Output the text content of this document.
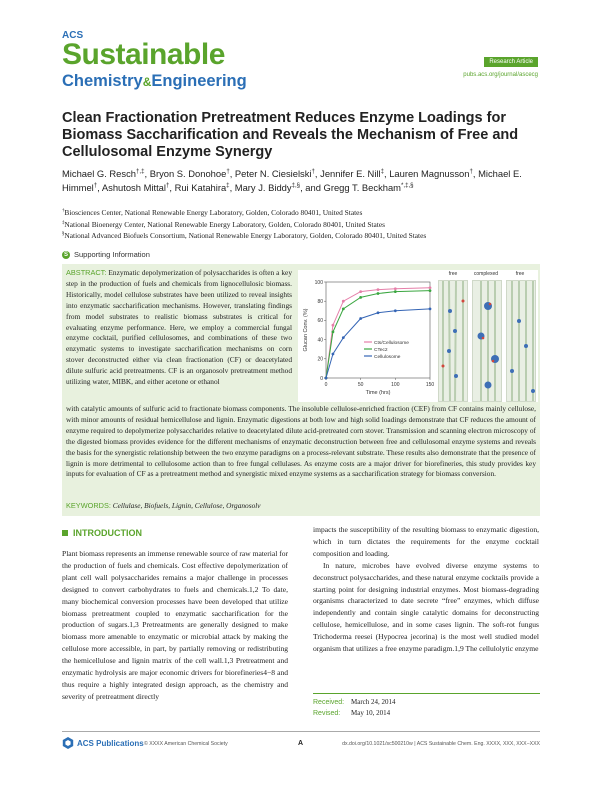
ACS
Sustainable
Chemistry&Engineering
Research Article
pubs.acs.org/journal/ascecg
Clean Fractionation Pretreatment Reduces Enzyme Loadings for Biomass Saccharification and Reveals the Mechanism of Free and Cellulosomal Enzyme Synergy
Michael G. Resch†,‡, Bryon S. Donohoe†, Peter N. Ciesielski†, Jennifer E. Nill‡, Lauren Magnusson†, Michael E. Himmel†, Ashutosh Mittal†, Rui Katahira‡, Mary J. Biddy‡,§, and Gregg T. Beckham*,‡,§
†Biosciences Center, National Renewable Energy Laboratory, Golden, Colorado 80401, United States
‡National Bioenergy Center, National Renewable Energy Laboratory, Golden, Colorado 80401, United States
§National Advanced Biofuels Consortium, National Renewable Energy Laboratory, Golden, Colorado 80401, United States
S Supporting Information
ABSTRACT: Enzymatic depolymerization of polysaccharides is often a key step in the production of fuels and chemicals from lignocellulosic biomass. Historically, model cellulose substrates have been utilized to reveal insights into enzymatic saccharification mechanisms. However, translating findings from model substrates to realistic biomass substrates is critical for evaluating enzyme performance. Here, we employ a commercial fungal enzyme cocktail, purified cellulosomes, and combinations of these two enzymatic systems to investigate saccharification mechanisms on corn stover deconstructed either via clean fractionation (CF) or deacetylated dilute sulfuric acid pretreatments. CF is an organosolv pretreatment method utilizing water, MIBK, and either acetone or ethanol	0
20
40
60
80
100
0	50	100	150
Time (hrs)
Glucan Conv. (%)	Cts/Cellulosome
CTec2
Cellulosome
free	complexed	free
with catalytic amounts of sulfuric acid to fractionate biomass components. The insoluble cellulose-enriched fraction (CEF) from CF contains mainly cellulose, with minor amounts of residual hemicellulose and lignin. Enzymatic digestions at both low and high solid loadings demonstrate that CF reduces the amount of enzyme required to depolymerize polysaccharides relative to deacetylated dilute acid-pretreated corn stover. Transmission and scanning electron microscopy of the digested biomass provides evidence for the different mechanisms of enzymatic deconstruction between free and cellulosomal enzyme systems and reveals the basis for the synergistic relationship between the two enzyme paradigms on a process-relevant substrate. These results also demonstrate that the presence of lignin is more detrimental to cellulosome action than to free fungal cellulases. As enzyme costs are a major driver for biorefineries, this study provides key inputs for evaluation of CF as a pretreatment method and synergistic mixed enzyme systems as a saccharification strategy for biomass conversion.
KEYWORDS: Cellulase, Biofuels, Lignin, Cellulose, Organosolv
INTRODUCTION

Plant biomass represents an immense renewable source of raw material for the production of fuels and chemicals. Cost effective depolymerization of plant cell wall polysaccharides remains a major challenge in processes designed to convert carbohydrates to fuels and chemicals.1,2 To date, many biochemical conversion processes have been developed that utilize biomass pretreatment coupled to enzymatic saccharification for the production of sugars.1,3 Pretreatments are generally designed to make biomass more amenable to enzymatic or microbial attack by making the cellulose more accessible, in part, by partially removing or redistributing the hemicellulose and lignin matrix of the cell wall.1,3 Pretreatment and enzymatic hydrolysis are major economic drivers for biorefineries4−8 and thus require a highly integrated design approach, as the chemistry and severity of pretreatment directly

impacts the susceptibility of the resulting biomass to enzymatic digestion, which in turn dictates the requirements for the enzyme cocktail composition and loading.

In nature, microbes have evolved diverse enzyme systems to deconstruct polysaccharides, and these natural enzyme cocktails provide a starting point for designing industrial enzymes. Most biomass-degrading organisms characterized to date secrete “free” enzymes, which diffuse independently and contain single catalytic domains for deconstructing cellulose, hemicellulose, and in some cases lignin. The soft-rot fungus Trichoderma reesei (Hypocrea jecorina) is the most well studied model organism that utilizes a free enzyme paradigm.1,9 The cellulolytic enzyme

Received: March 24, 2014
Revised: May 10, 2014
ACS Publications © XXXX American Chemical Society	A	dx.doi.org/10.1021/sc500210w | ACS Sustainable Chem. Eng. XXXX, XXX, XXX−XXX
